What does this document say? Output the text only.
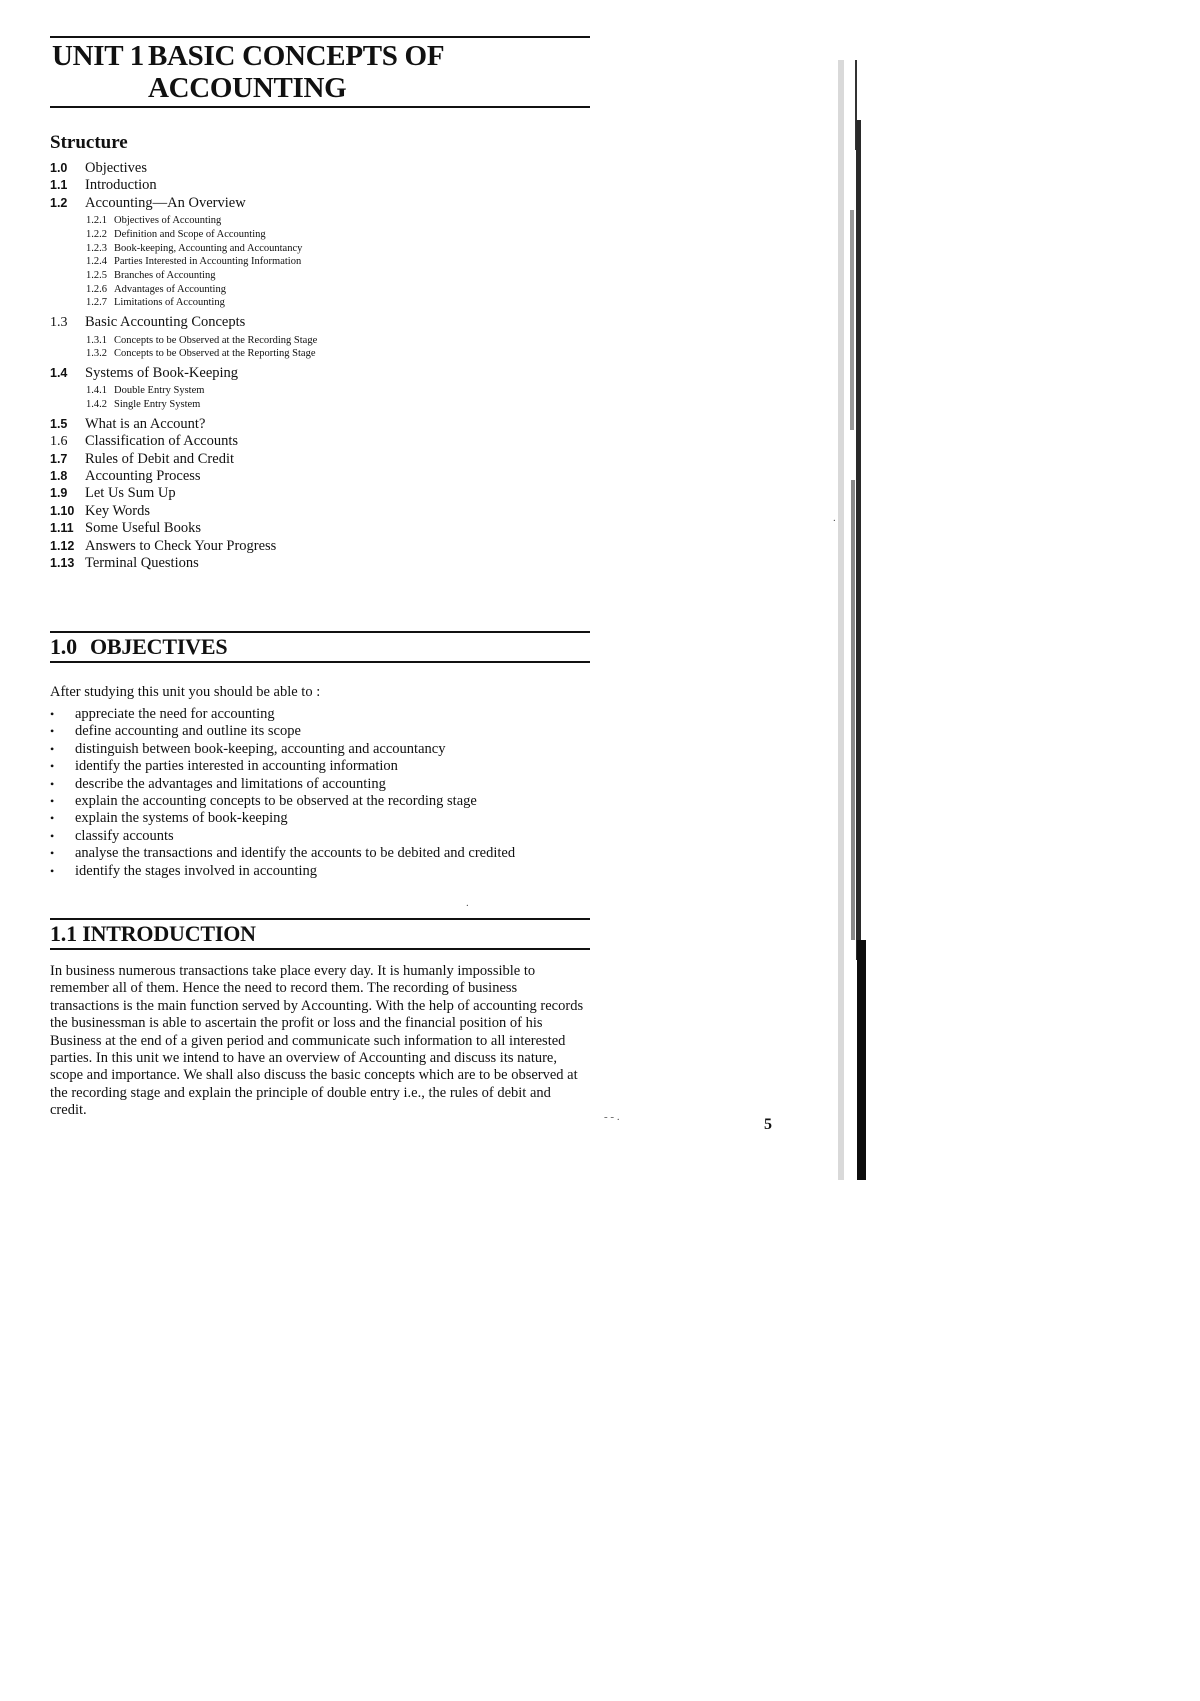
UNIT 1 BASIC CONCEPTS OF
ACCOUNTING
Structure
1.0	Objectives
1.1	Introduction
1.2	Accounting—An Overview
1.2.1 Objectives of Accounting
1.2.2 Definition and Scope of Accounting
1.2.3 Book-keeping, Accounting and Accountancy
1.2.4 Parties Interested in Accounting Information
1.2.5 Branches of Accounting
1.2.6 Advantages of Accounting
1.2.7 Limitations of Accounting
1.3	Basic Accounting Concepts
1.3.1 Concepts to be Observed at the Recording Stage
1.3.2 Concepts to be Observed at the Reporting Stage
1.4	Systems of Book-Keeping
1.4.1 Double Entry System
1.4.2 Single Entry System
1.5	What is an Account?
1.6	Classification of Accounts
1.7	Rules of Debit and Credit
1.8	Accounting Process
1.9	Let Us Sum Up
1.10 Key Words
1.11 Some Useful Books
1.12 Answers to Check Your Progress
1.13 Terminal Questions
1.0 OBJECTIVES
After studying this unit you should be able to :
• appreciate the need for accounting
• define accounting and outline its scope
• distinguish between book-keeping, accounting and accountancy
• identify the parties interested in accounting information
• describe the advantages and limitations of accounting
• explain the accounting concepts to be observed at the recording stage
• explain the systems of book-keeping
• classify accounts
• analyse the transactions and identify the accounts to be debited and credited
• identify the stages involved in accounting
1.1 INTRODUCTION
In business numerous transactions take place every day. It is humanly impossible to remember all of them. Hence the need to record them. The recording of business transactions is the main function served by Accounting. With the help of accounting records the businessman is able to ascertain the profit or loss and the financial position of his Business at the end of a given period and communicate such information to all interested parties. In this unit we intend to have an overview of Accounting and discuss its nature, scope and importance. We shall also discuss the basic concepts which are to be observed at the recording stage and explain the principle of double entry i.e., the rules of debit and credit.
5
- - .
.
.
